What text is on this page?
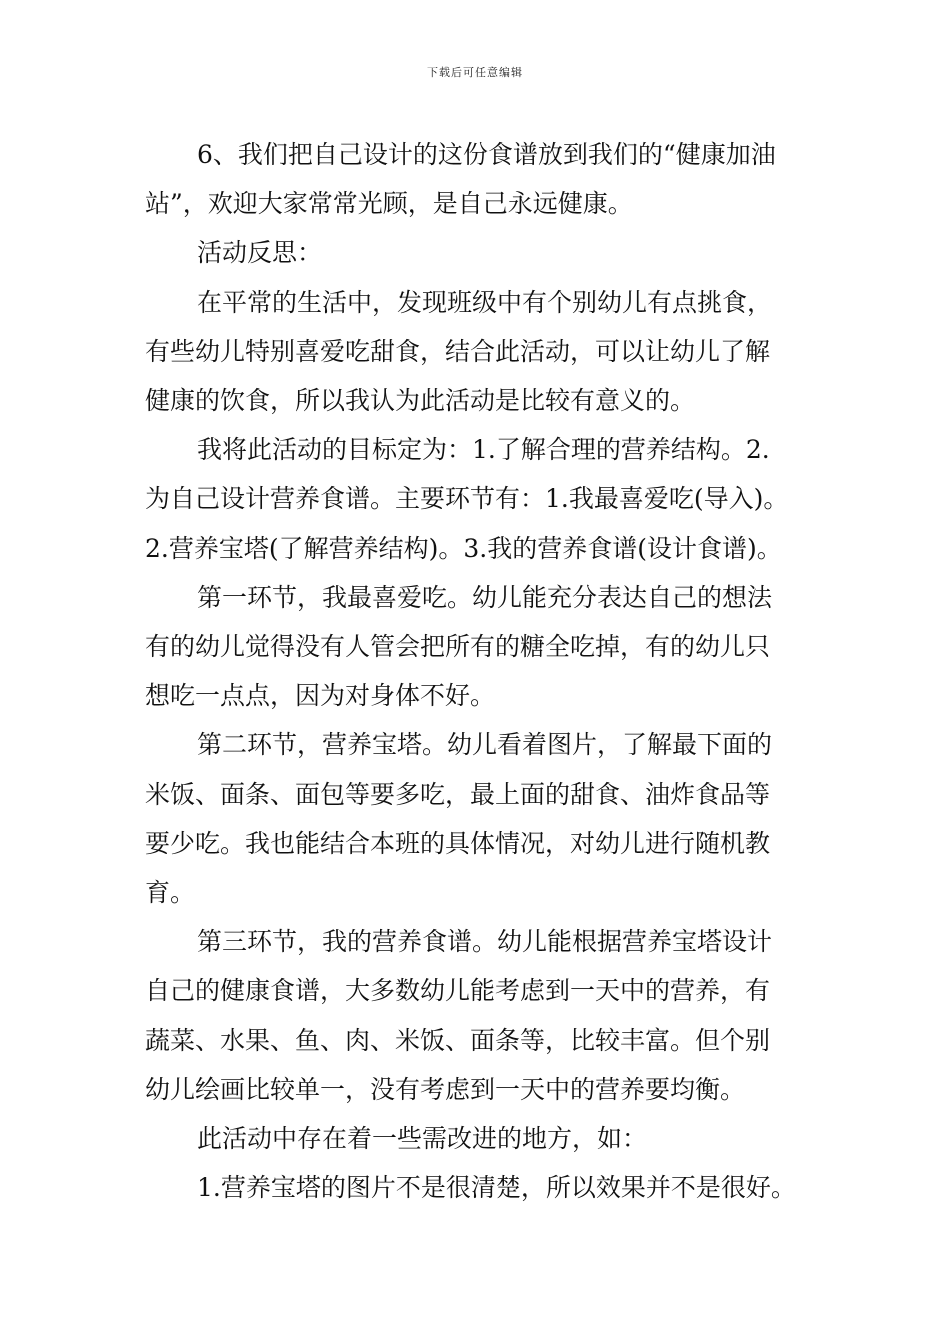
下载后可任意编辑

6、我们把自己设计的这份食谱放到我们的“健康加油

站”，欢迎大家常常光顾，是自己永远健康。

活动反思：

在平常的生活中，发现班级中有个别幼儿有点挑食，

有些幼儿特别喜爱吃甜食，结合此活动，可以让幼儿了解

健康的饮食，所以我认为此活动是比较有意义的。

我将此活动的目标定为：1.了解合理的营养结构。2.

为自己设计营养食谱。主要环节有：1.我最喜爱吃(导入)。

2.营养宝塔(了解营养结构)。3.我的营养食谱(设计食谱)。

第一环节，我最喜爱吃。幼儿能充分表达自己的想法

有的幼儿觉得没有人管会把所有的糖全吃掉，有的幼儿只

想吃一点点，因为对身体不好。

第二环节，营养宝塔。幼儿看着图片，了解最下面的

米饭、面条、面包等要多吃，最上面的甜食、油炸食品等

要少吃。我也能结合本班的具体情况，对幼儿进行随机教

育。

第三环节，我的营养食谱。幼儿能根据营养宝塔设计

自己的健康食谱，大多数幼儿能考虑到一天中的营养，有

蔬菜、水果、鱼、肉、米饭、面条等，比较丰富。但个别

幼儿绘画比较单一，没有考虑到一天中的营养要均衡。

此活动中存在着一些需改进的地方，如：

1.营养宝塔的图片不是很清楚，所以效果并不是很好。
